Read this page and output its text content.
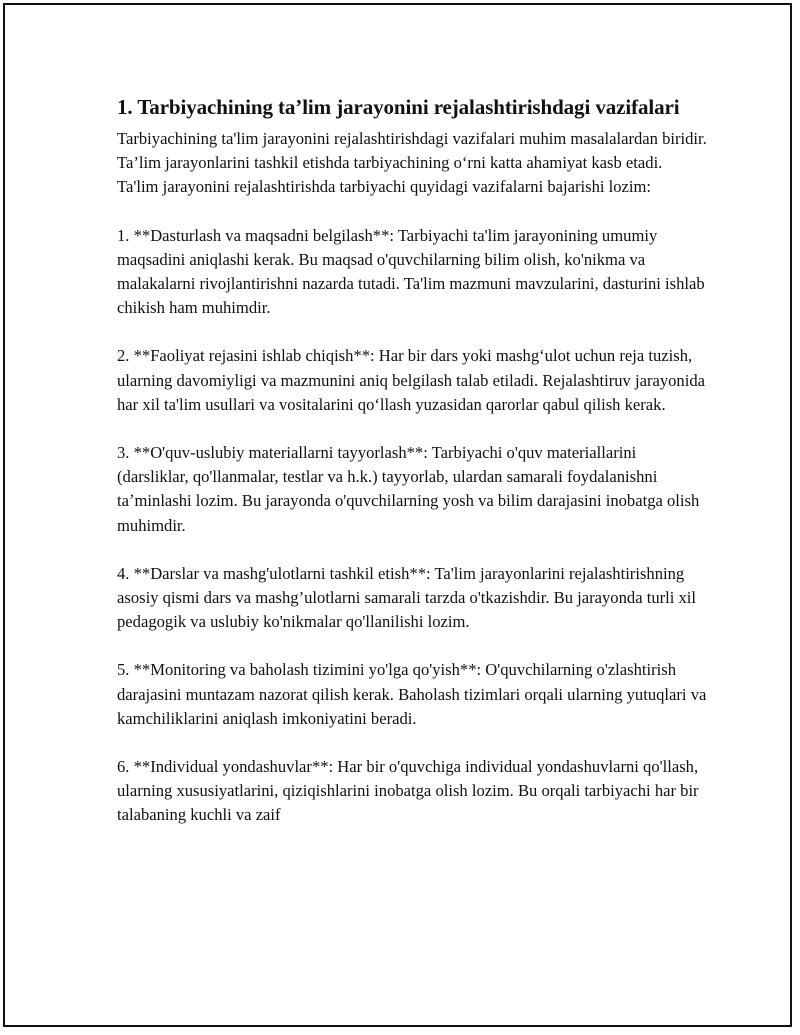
1. Tarbiyachining ta’lim jarayonini rejalashtirishdagi vazifalari

Tarbiyachining ta'lim jarayonini rejalashtirishdagi vazifalari muhim masalalardan biridir. Ta’lim jarayonlarini tashkil etishda tarbiyachining o‘rni katta ahamiyat kasb etadi. Ta'lim jarayonini rejalashtirishda tarbiyachi quyidagi vazifalarni bajarishi lozim:

1. **Dasturlash va maqsadni belgilash**: Tarbiyachi ta'lim jarayonining umumiy maqsadini aniqlashi kerak. Bu maqsad o'quvchilarning bilim olish, ko'nikma va malakalarni rivojlantirishni nazarda tutadi. Ta'lim mazmuni mavzularini, dasturini ishlab chikish ham muhimdir.

2. **Faoliyat rejasini ishlab chiqish**: Har bir dars yoki mashg‘ulot uchun reja tuzish, ularning davomiyligi va mazmunini aniq belgilash talab etiladi. Rejalashtiruv jarayonida har xil ta'lim usullari va vositalarini qo‘llash yuzasidan qarorlar qabul qilish kerak.

3. **O'quv-uslubiy materiallarni tayyorlash**: Tarbiyachi o'quv materiallarini (darsliklar, qo'llanmalar, testlar va h.k.) tayyorlab, ulardan samarali foydalanishni taʼminlashi lozim. Bu jarayonda o'quvchilarning yosh va bilim darajasini inobatga olish muhimdir.

4. **Darslar va mashg'ulotlarni tashkil etish**: Ta'lim jarayonlarini rejalashtirishning asosiy qismi dars va mashg’ulotlarni samarali tarzda o'tkazishdir. Bu jarayonda turli xil pedagogik va uslubiy ko'nikmalar qo'llanilishi lozim.

5. **Monitoring va baholash tizimini yo'lga qo'yish**: O'quvchilarning o'zlashtirish darajasini muntazam nazorat qilish kerak. Baholash tizimlari orqali ularning yutuqlari va kamchiliklarini aniqlash imkoniyatini beradi.

6. **Individual yondashuvlar**: Har bir o'quvchiga individual yondashuvlarni qo'llash, ularning xususiyatlarini, qiziqishlarini inobatga olish lozim. Bu orqali tarbiyachi har bir talabaning kuchli va zaif
